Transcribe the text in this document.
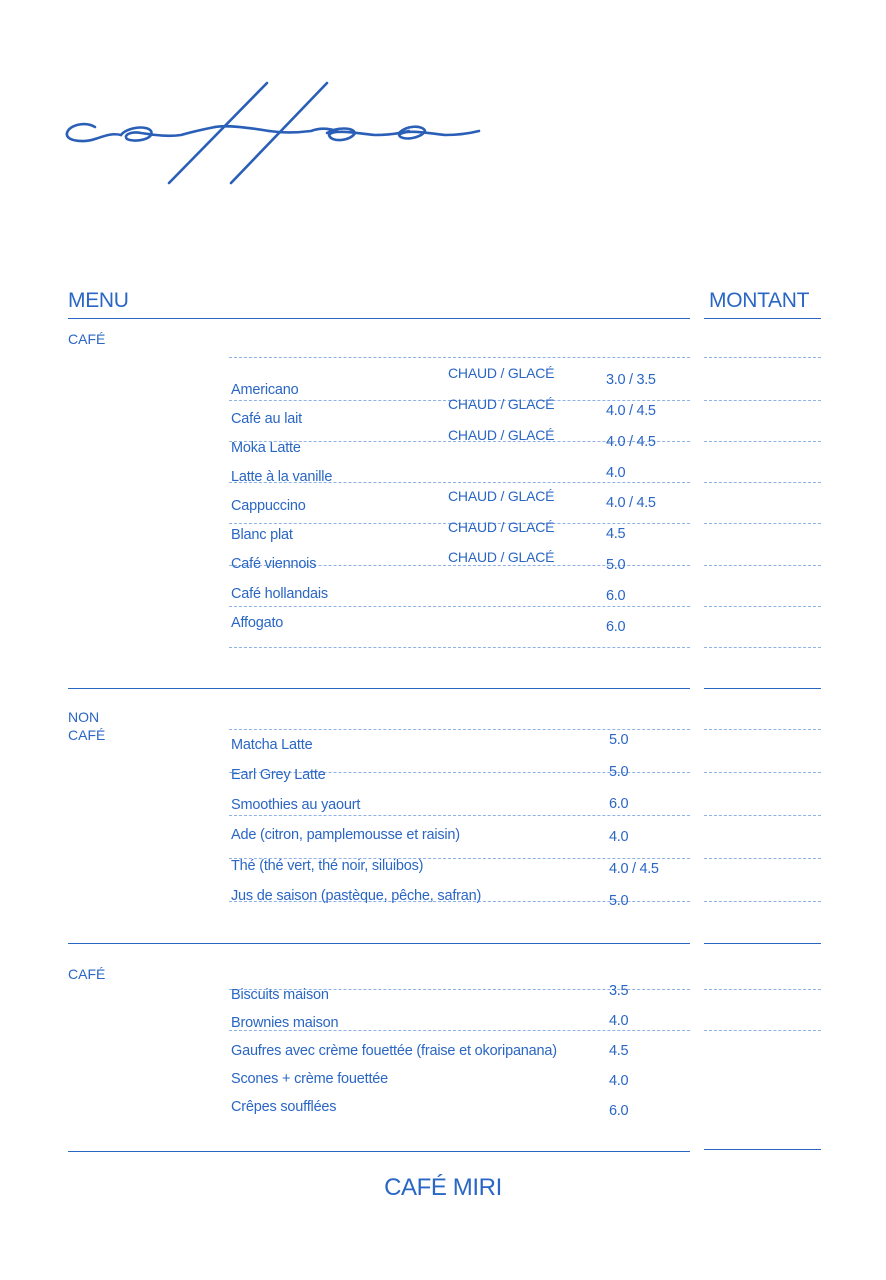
MENU	MONTANT
CAFÉ
Americano
Café au lait
Moka Latte
Latte à la vanille
Cappuccino
Blanc plat
Café viennois
Café hollandais
Affogato
CHAUD / GLACÉ
CHAUD / GLACÉ
CHAUD / GLACÉ
CHAUD / GLACÉ
CHAUD / GLACÉ
CHAUD / GLACÉ
3.0 / 3.5
4.0 / 4.5
4.0 / 4.5
4.0
4.0 / 4.5
4.5
5.0
6.0
6.0
NON
CAFÉ
Matcha Latte
Earl Grey Latte
Smoothies au yaourt
Ade (citron, pamplemousse et raisin)
Thé (thé vert, thé noir, siluibos)
Jus de saison (pastèque, pêche, safran)
5.0
5.0
6.0
4.0
4.0 / 4.5
5.0
CAFÉ
Biscuits maison
Brownies maison
Gaufres avec crème fouettée (fraise et okoripanana)
Scones + crème fouettée
Crêpes soufflées
3.5
4.0
4.5
4.0
6.0
CAFÉ MIRI
